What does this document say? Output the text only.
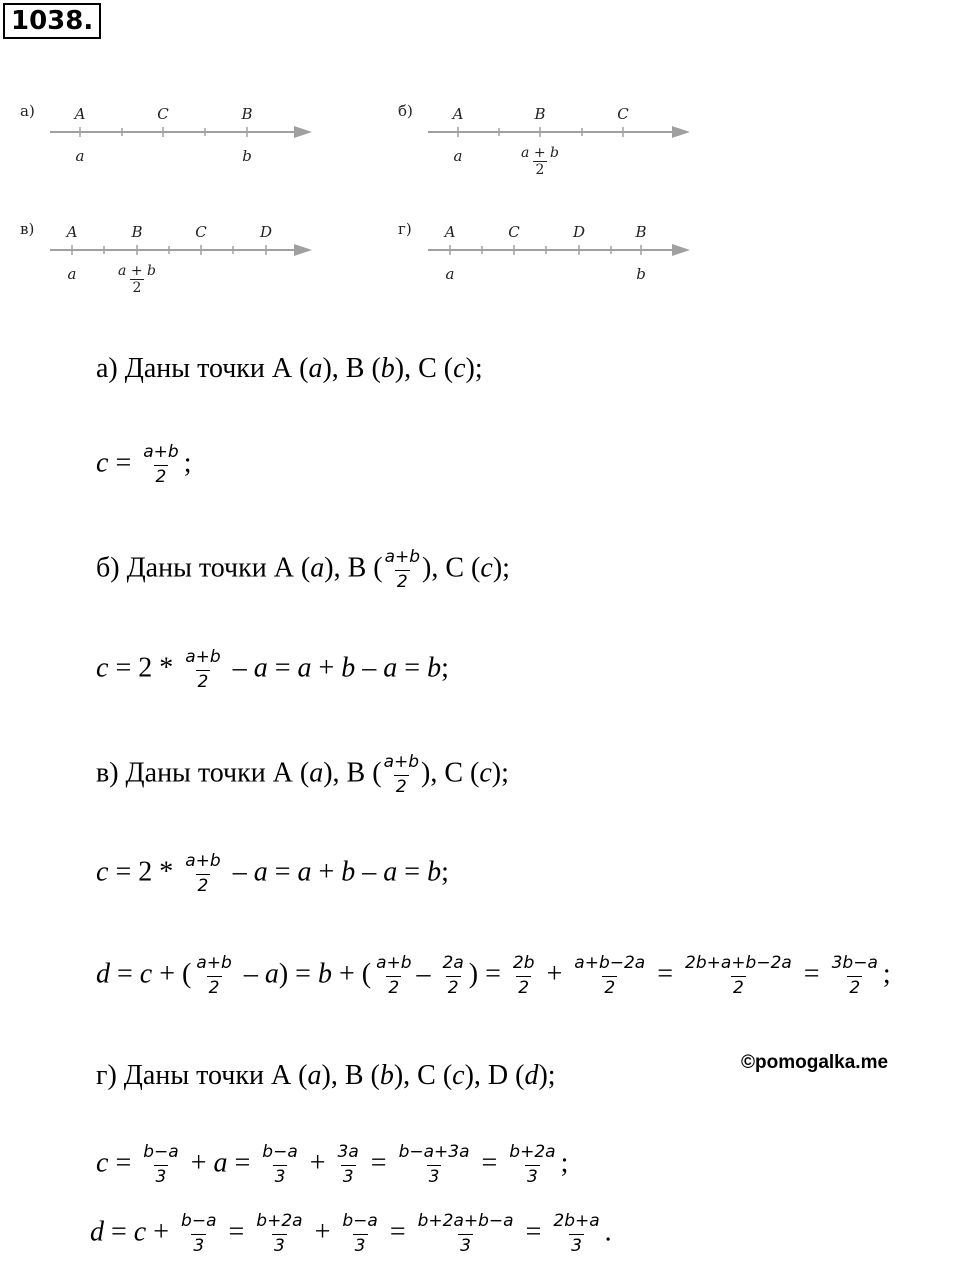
1038.
а)	A	C	B
a	b
б)	A	B	C
a	$\frac{a + b}{2}$
в) A	B	C	D
a	$\frac{a + b}{2}$
г) A	C	D	B
a	b
а) Даны точки А (a), В (b), С (c);
$c = \frac{a+b}{2}$ ;
б) Даны точки А (a), В ( $\frac{a+b}{2}$ ), С (c);
$c = 2 * \frac{a+b}{2} - a = a + b - a = b$;
в) Даны точки А (a), В ( $\frac{a+b}{2}$ ), С (c);
$c = 2 * \frac{a+b}{2} - a = a + b - a = b$;
d = c + ( $\frac{a+b}{2} - a) = b$ + ( $\frac{a+b}{2} - \frac{2a}{2}$ ) = $\frac{2b}{2} + \frac{a+b-2a}{2} = \frac{2b+a+b-2a}{2} = \frac{3b-a}{2}$ ;
г) Даны точки А (a), В (b), С (c), D (d);	©pomogalka.me
$c = \frac{b-a}{3} + a = \frac{b-a}{3} + \frac{3a}{3} = \frac{b-a+3a}{3} = \frac{b+2a}{3}$ ;
$d = c + \frac{b-a}{3} = \frac{b+2a}{3} + \frac{b-a}{3} = \frac{b+2a+b-a}{3} = \frac{2b+a}{3}$ .
